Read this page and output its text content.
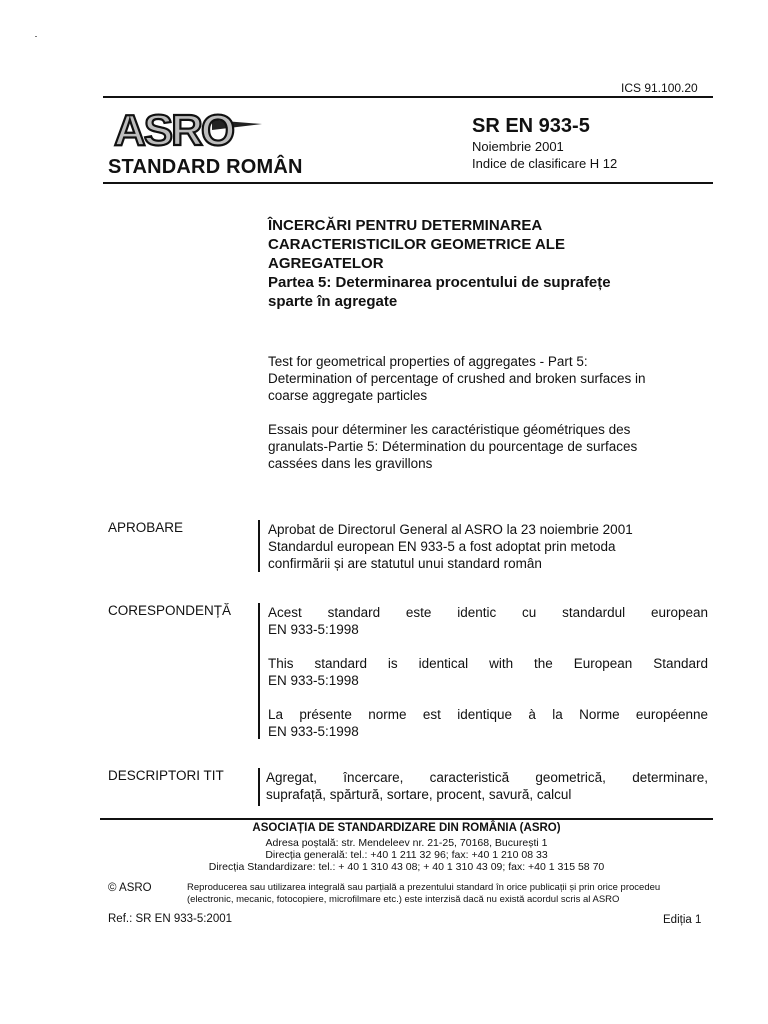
ICS 91.100.20
ASRO
STANDARD ROMÂN
SR EN 933-5
Noiembrie 2001
Indice de clasificare H 12
ÎNCERCĂRI PENTRU DETERMINAREA
CARACTERISTICILOR GEOMETRICE ALE
AGREGATELOR
Partea 5: Determinarea procentului de suprafețe
sparte în agregate
Test for geometrical properties of aggregates - Part 5:
Determination of percentage of crushed and broken surfaces in
coarse aggregate particles
Essais pour déterminer les caractéristique géométriques des
granulats-Partie 5: Détermination du pourcentage de surfaces
cassées dans les gravillons
APROBARE	Aprobat de Directorul General al ASRO la 23 noiembrie 2001
Standardul european EN 933-5 a fost adoptat prin metoda
confirmării și are statutul unui standard român
CORESPONDENȚĂ	Acest standard este identic cu standardul european
EN 933-5:1998
This standard is identical with the European Standard
EN 933-5:1998
La présente norme est identique à la Norme européenne
EN 933-5:1998
DESCRIPTORI TIT	Agregat, încercare, caracteristică geometrică, determinare,
suprafață, spărtură, sortare, procent, savură, calcul
ASOCIAȚIA DE STANDARDIZARE DIN ROMÂNIA (ASRO)
Adresa poștală: str. Mendeleev nr. 21-25, 70168, București 1
Direcția generală: tel.: +40 1 211 32 96; fax: +40 1 210 08 33
Direcția Standardizare: tel.: + 40 1 310 43 08; + 40 1 310 43 09; fax: +40 1 315 58 70
© ASRO	Reproducerea sau utilizarea integrală sau parțială a prezentului standard în orice publicații și prin orice procedeu
(electronic, mecanic, fotocopiere, microfilmare etc.) este interzisă dacă nu există acordul scris al ASRO
Ref.: SR EN 933-5:2001	Ediția 1
